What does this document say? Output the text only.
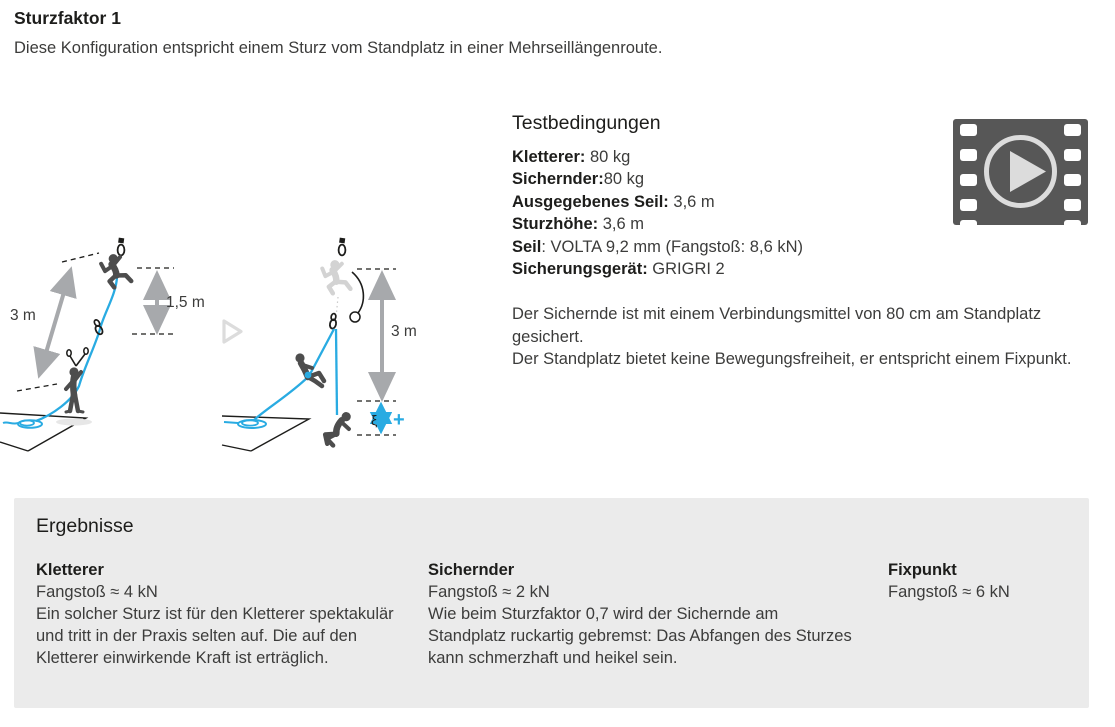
Sturzfaktor 1
Diese Konfiguration entspricht einem Sturz vom Standplatz in einer Mehrseillängenroute.
3 m
1,5 m
3 m
ξ +
Testbedingungen
Kletterer: 80 kg
Sichernder:80 kg
Ausgegebenes Seil: 3,6 m
Sturzhöhe: 3,6 m
Seil: VOLTA 9,2 mm (Fangstoß: 8,6 kN)
Sicherungsgerät: GRIGRI 2

Der Sichernde ist mit einem Verbindungsmittel von 80 cm am Standplatz gesichert.

Der Standplatz bietet keine Bewegungsfreiheit, er entspricht einem Fixpunkt.

Ergebnisse
Kletterer
Fangstoß ≈ 4 kN
Ein solcher Sturz ist für den Kletterer spektakulär und tritt in der Praxis selten auf. Die auf den Kletterer einwirkende Kraft ist erträglich.
Sichernder
Fangstoß ≈ 2 kN
Wie beim Sturzfaktor 0,7 wird der Sichernde am Standplatz ruckartig gebremst: Das Abfangen des Sturzes kann schmerzhaft und heikel sein.
Fixpunkt
Fangstoß ≈ 6 kN
